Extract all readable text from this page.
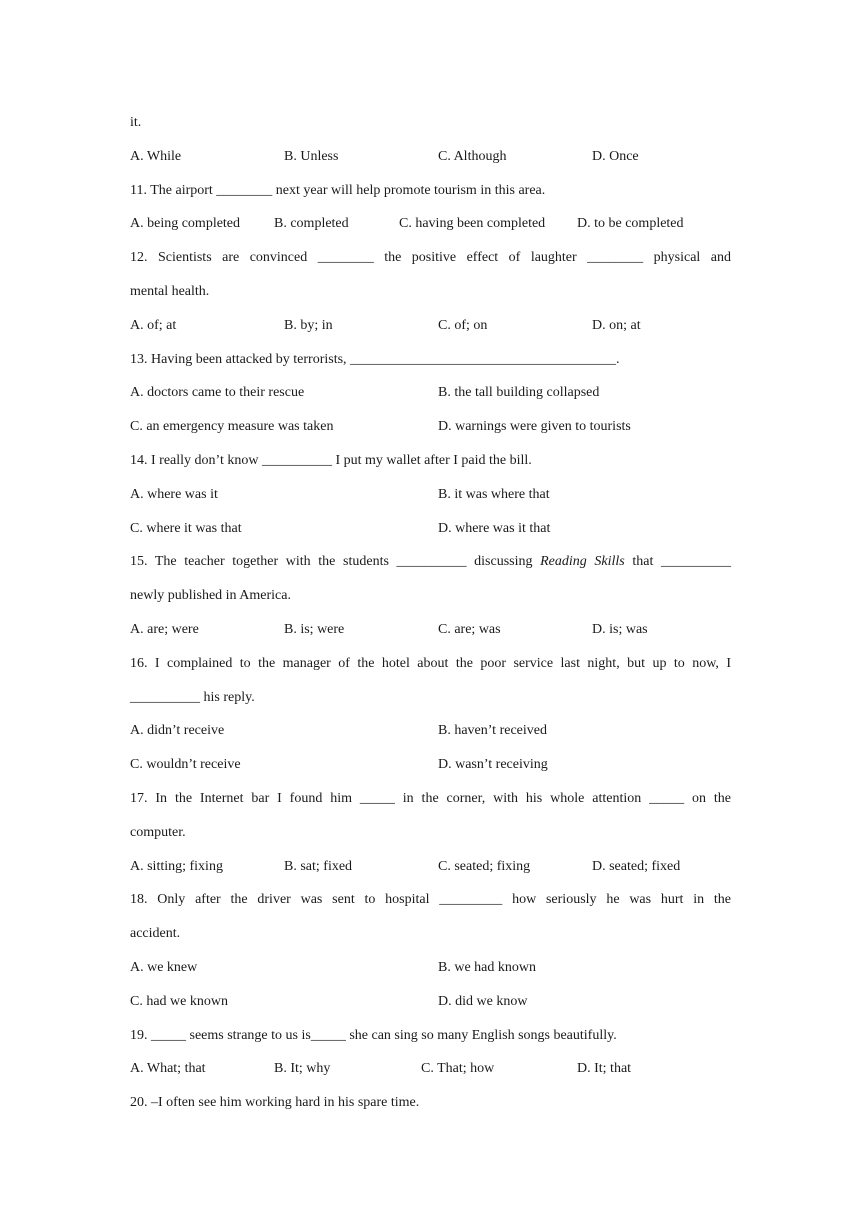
it.
A. While	B. Unless	C. Although	D. Once
11. The airport ________ next year will help promote tourism in this area.
A. being completed B. completed	C. having been completed D. to be completed
12. Scientists are convinced ________ the positive effect of laughter ________ physical and
mental health.
A. of; at	B. by; in	C. of; on	D. on; at
13. Having been attacked by terrorists, ______________________________________.
A. doctors came to their rescue	B. the tall building collapsed
C. an emergency measure was taken	D. warnings were given to tourists
14. I really don’t know __________ I put my wallet after I paid the bill.
A. where was it	B. it was where that
C. where it was that	D. where was it that
15. The teacher together with the students __________ discussing Reading Skills that __________
newly published in America.
A. are; were	B. is; were	C. are; was	D. is; was
16. I complained to the manager of the hotel about the poor service last night, but up to now, I
__________ his reply.
A. didn’t receive	B. haven’t received
C. wouldn’t receive	D. wasn’t receiving
17. In the Internet bar I found him _____ in the corner, with his whole attention _____ on the
computer.
A. sitting; fixing	B. sat; fixed	C. seated; fixing	D. seated; fixed
18. Only after the driver was sent to hospital _________ how seriously he was hurt in the
accident.
A. we knew	B. we had known
C. had we known	D. did we know
19. _____ seems strange to us is_____ she can sing so many English songs beautifully.
A. What; that	B. It; why	C. That; how	D. It; that
20. –I often see him working hard in his spare time.
